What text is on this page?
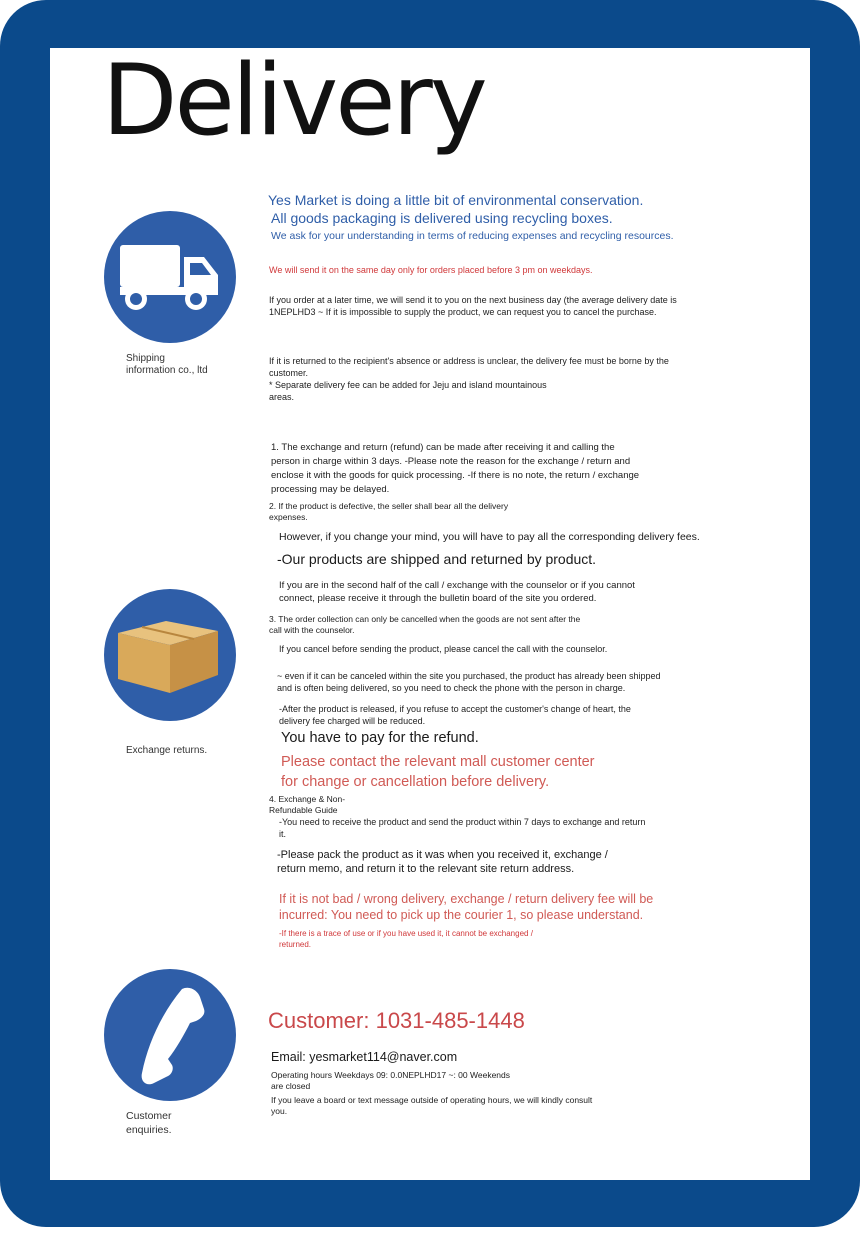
Delivery
Shipping
information co., ltd
Yes Market is doing a little bit of environmental conservation.
All goods packaging is delivered using recycling boxes.
We ask for your understanding in terms of reducing expenses and recycling resources.
We will send it on the same day only for orders placed before 3 pm on weekdays.
If you order at a later time, we will send it to you on the next business day (the average delivery date is
1NEPLHD3 ~ If it is impossible to supply the product, we can request you to cancel the purchase.
If it is returned to the recipient's absence or address is unclear, the delivery fee must be borne by the
customer.
* Separate delivery fee can be added for Jeju and island mountainous
areas.
1. The exchange and return (refund) can be made after receiving it and calling the
person in charge within 3 days. -Please note the reason for the exchange / return and
enclose it with the goods for quick processing. -If there is no note, the return / exchange
processing may be delayed.
2. If the product is defective, the seller shall bear all the delivery
expenses.
However, if you change your mind, you will have to pay all the corresponding delivery fees.
-Our products are shipped and returned by product.
If you are in the second half of the call / exchange with the counselor or if you cannot
connect, please receive it through the bulletin board of the site you ordered.
Exchange returns.
3. The order collection can only be cancelled when the goods are not sent after the
call with the counselor.
If you cancel before sending the product, please cancel the call with the counselor.
~ even if it can be canceled within the site you purchased, the product has already been shipped
and is often being delivered, so you need to check the phone with the person in charge.
-After the product is released, if you refuse to accept the customer's change of heart, the
delivery fee charged will be reduced.
You have to pay for the refund.
Please contact the relevant mall customer center
for change or cancellation before delivery.
4. Exchange & Non-
Refundable Guide
-You need to receive the product and send the product within 7 days to exchange and return
it.
-Please pack the product as it was when you received it, exchange /
return memo, and return it to the relevant site return address.
If it is not bad / wrong delivery, exchange / return delivery fee will be
incurred: You need to pick up the courier 1, so please understand.
-If there is a trace of use or if you have used it, it cannot be exchanged /
returned.
Customer
enquiries.
Customer: 1031-485-1448
Email: yesmarket114@naver.com
Operating hours Weekdays 09: 0.0NEPLHD17 ~: 00 Weekends
are closed
If you leave a board or text message outside of operating hours, we will kindly consult
you.
